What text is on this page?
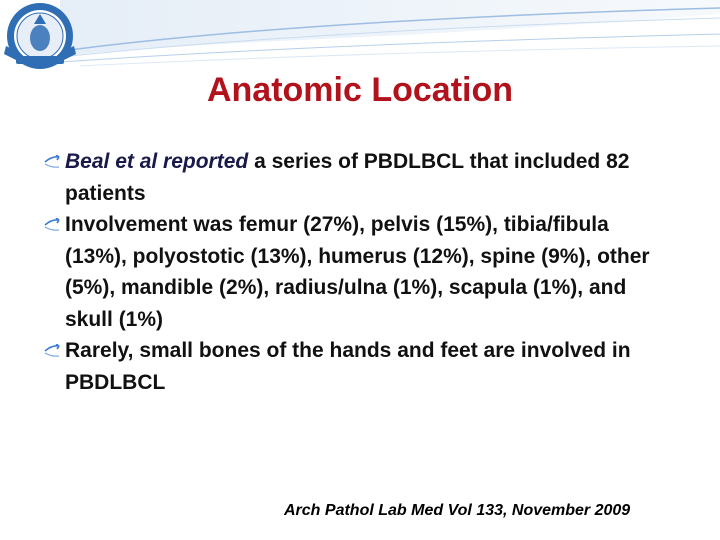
Anatomic Location
Beal et al reported a series of PBDLBCL that included 82 patients
Involvement was femur (27%), pelvis (15%), tibia/fibula (13%), polyostotic (13%), humerus (12%), spine (9%), other (5%), mandible (2%), radius/ulna (1%), scapula (1%), and skull (1%)
Rarely, small bones of the hands and feet are involved in PBDLBCL
Arch Pathol Lab Med Vol 133, November 2009
